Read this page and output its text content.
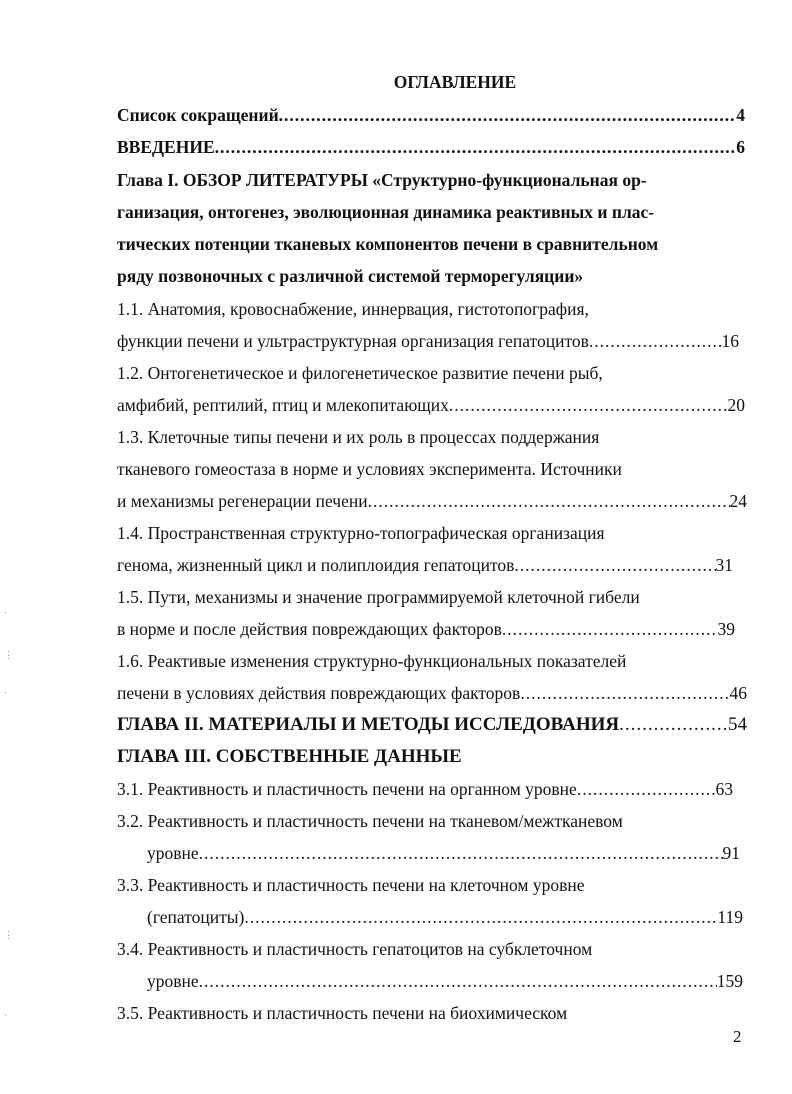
ОГЛАВЛЕНИЕ
Список сокращений .....	4
ВВЕДЕНИЕ .....	6
Глава I. ОБЗОР ЛИТЕРАТУРЫ «Структурно-функциональная ор-
ганизация, онтогенез, эволюционная динамика реактивных и плас-
тических потенции тканевых компонентов печени в сравнительном
ряду позвоночных с различной системой терморегуляции»
1.1. Анатомия, кровоснабжение, иннервация, гистотопография,
функции печени и ультраструктурная организация гепатоцитов .....	16
1.2. Онтогенетическое и филогенетическое развитие печени рыб,
амфибий, рептилий, птиц и млекопитающих .....	20
1.3. Клеточные типы печени и их роль в процессах поддержания
тканевого гомеостаза в норме и условиях эксперимента. Источники
и механизмы регенерации печени .....	24
1.4. Пространственная структурно-топографическая организация
генома, жизненный цикл и полиплоидия гепатоцитов .....	31
1.5. Пути, механизмы и значение программируемой клеточной гибели
в норме и после действия повреждающих факторов .....	39
1.6. Реактивые изменения структурно-функциональных показателей
печени в условиях действия повреждающих факторов .....	46
ГЛАВА II. МАТЕРИАЛЫ И МЕТОДЫ ИССЛЕДОВАНИЯ .....	54
ГЛАВА III. СОБСТВЕННЫЕ ДАННЫЕ
3.1. Реактивность и пластичность печени на органном уровне .....	63
3.2. Реактивность и пластичность печени на тканевом/межтканевом
уровне .....	91
3.3. Реактивность и пластичность печени на клеточном уровне
(гепатоциты) .....	119
3.4. Реактивность и пластичность гепатоцитов на субклеточном
уровне .....	159
3.5. Реактивность и пластичность печени на биохимическом
2
·
⋮
·
⋮
·
